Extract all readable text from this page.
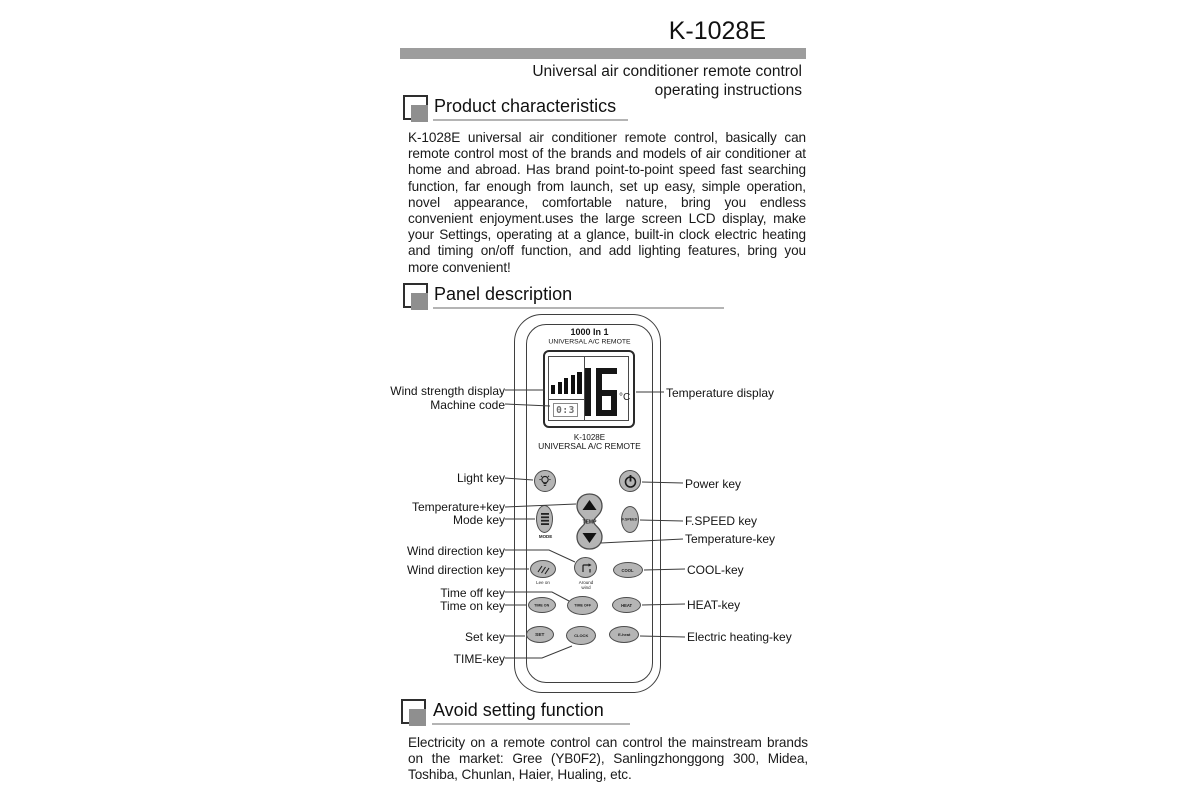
K-1028E
Universal air conditioner remote control
operating instructions
Product characteristics
K-1028E universal air conditioner remote control, basically can remote control most of the brands and models of air conditioner at home and abroad. Has brand point-to-point speed fast searching function, far enough from launch, set up easy, simple operation, novel appearance, comfortable nature, bring you endless convenient enjoyment.uses the large screen LCD display, make your Settings, operating at a glance, built-in clock electric heating and timing on/off function, and add lighting features, bring you more convenient!
Panel description
1000 In 1
UNIVERSAL A/C REMOTE
0:3
°C
K-1028E
UNIVERSAL A/C REMOTE
MODE
TEMP	F.SPEED
Lee on	Around wind
COOL
TIME ON	TIME OFF	HEAT
SET	CLOCK	E-heat
Wind strength display
Machine code
Light key
Temperature+key
Mode key
Wind direction key
Wind direction key
Time off key
Time on key
Set key
TIME-key
Temperature display
Power key
F.SPEED key
Temperature-key
COOL-key
HEAT-key
Electric heating-key
Avoid setting function
Electricity on a remote control can control the mainstream brands on the market: Gree (YB0F2), Sanlingzhonggong 300, Midea, Toshiba, Chunlan, Haier, Hualing, etc.
